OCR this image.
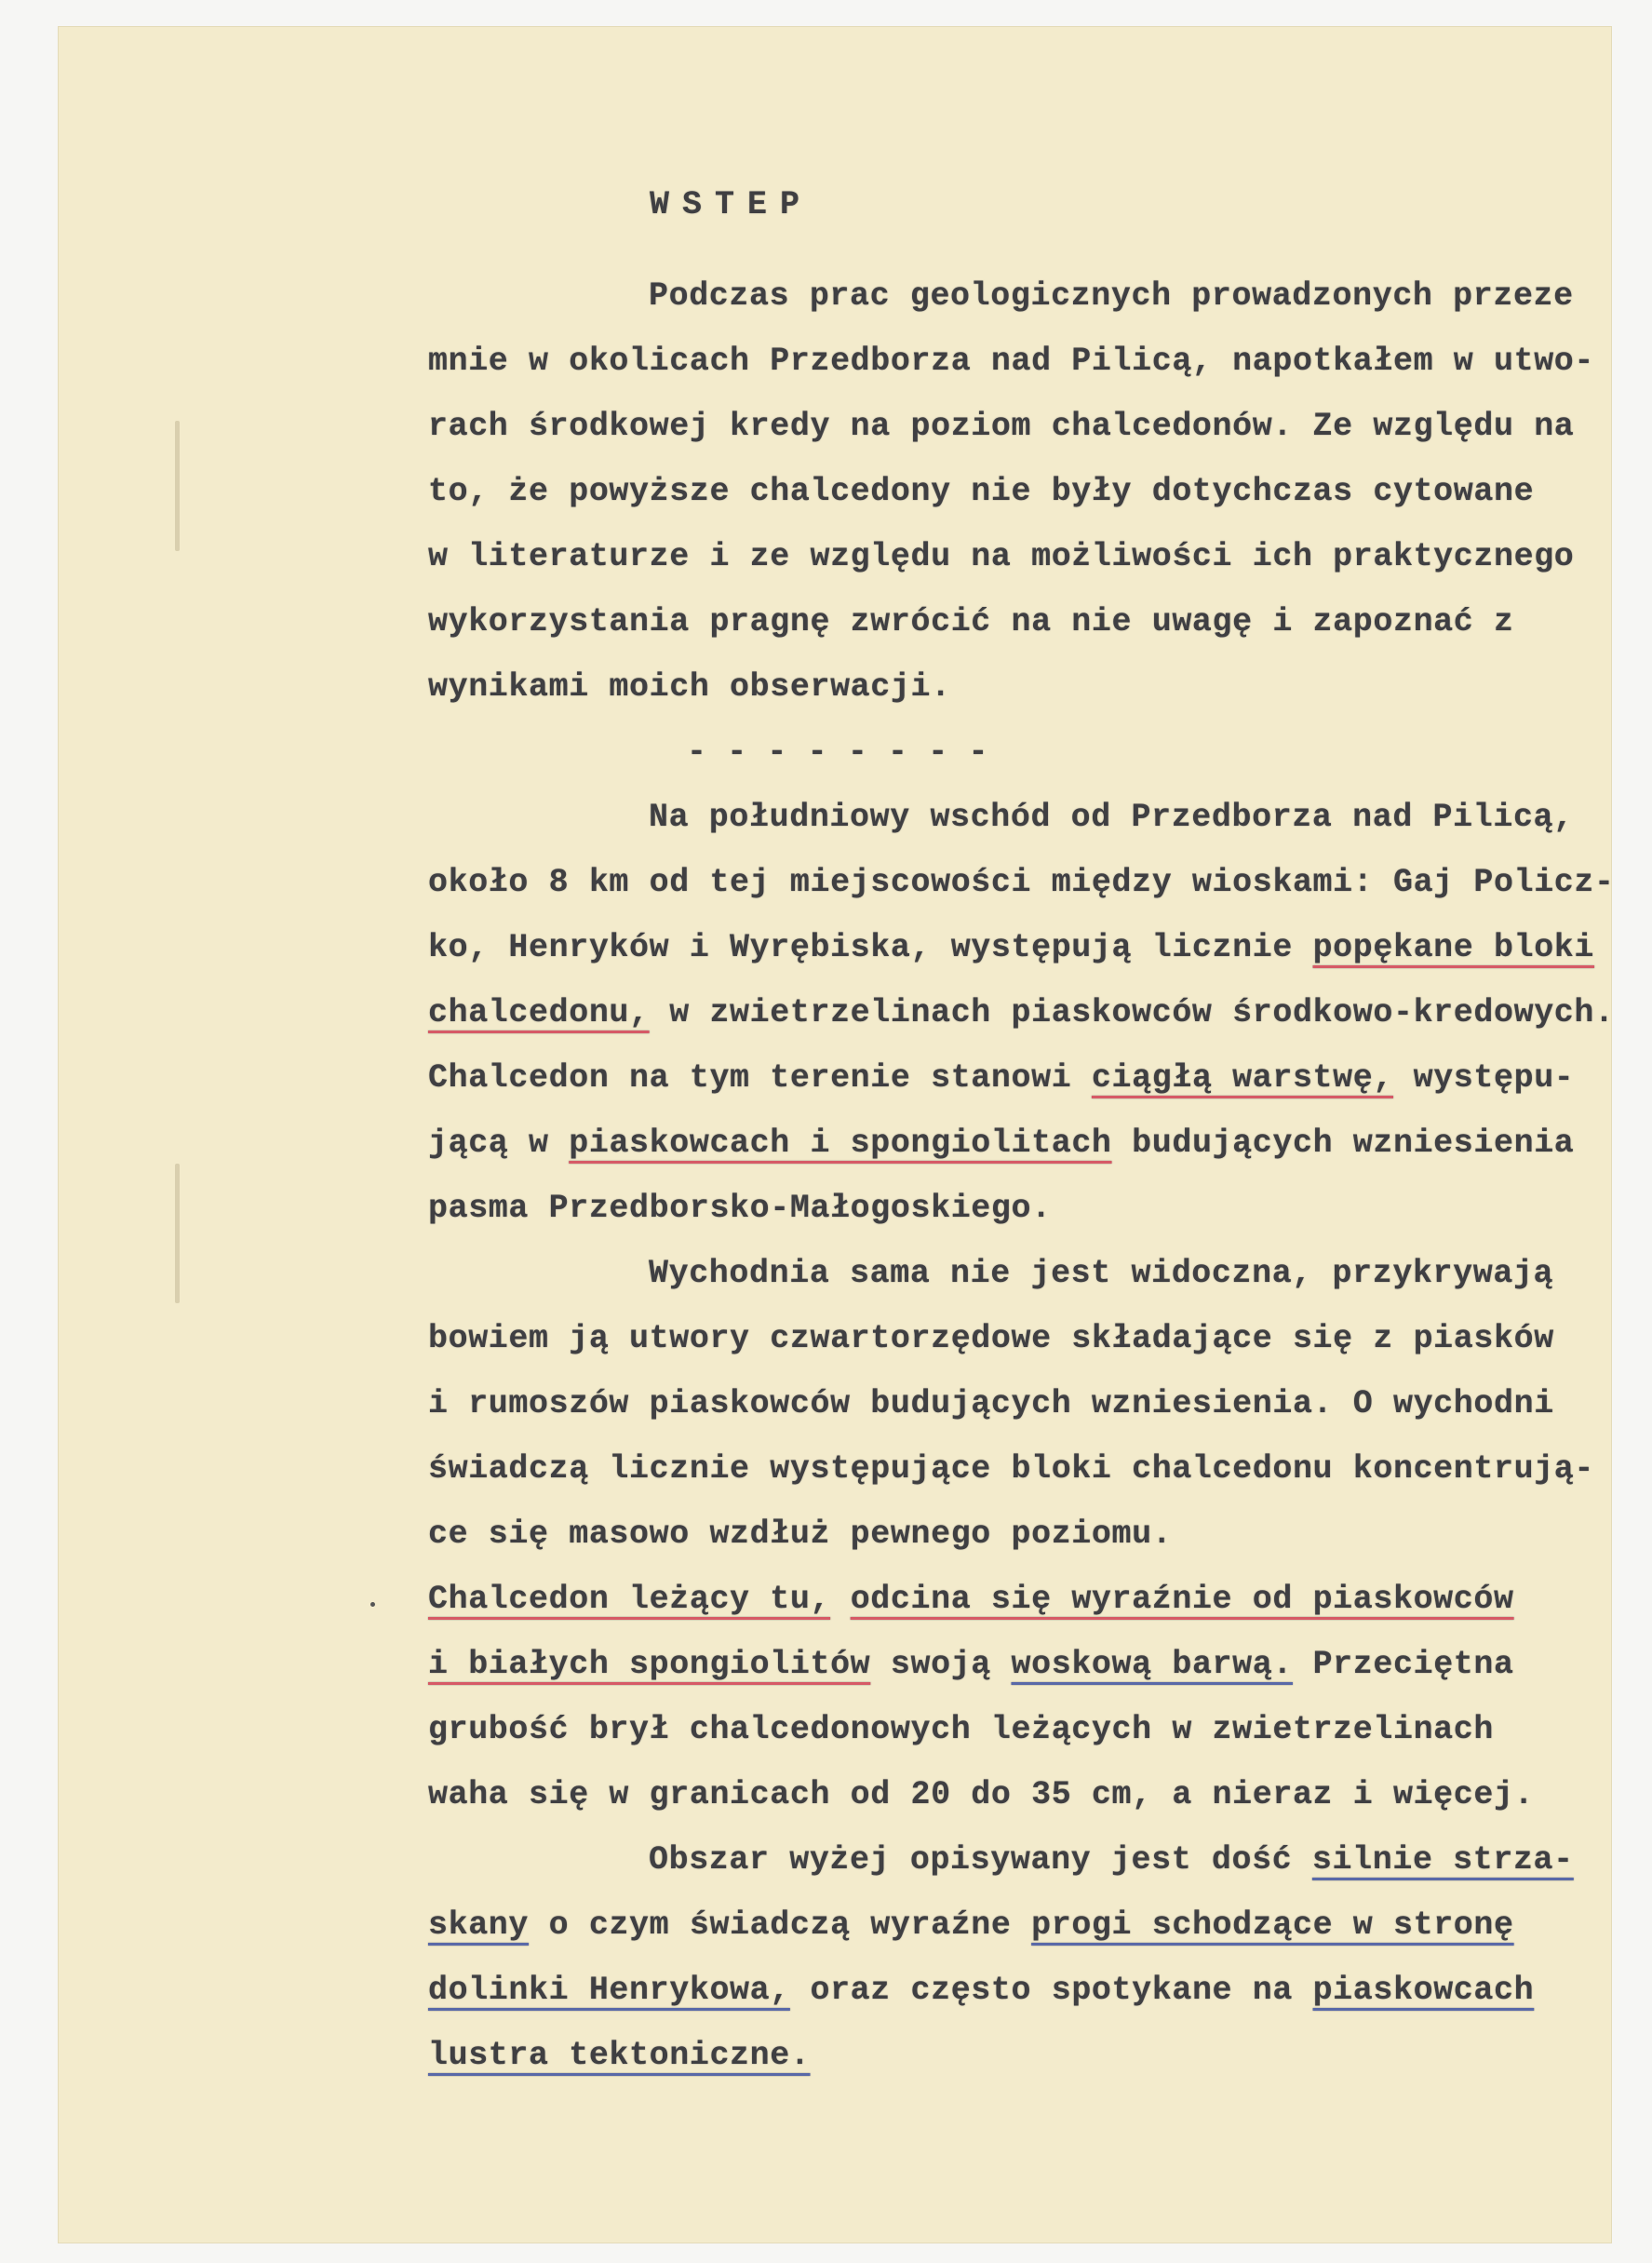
WSTEP

Podczas prac geologicznych prowadzonych przeze

mnie w okolicach Przedborza nad Pilicą, napotkałem w utwo-

rach środkowej kredy na poziom chalcedonów. Ze względu na

to, że powyższe chalcedony nie były dotychczas cytowane

w literaturze i ze względu na możliwości ich praktycznego

wykorzystania pragnę zwrócić na nie uwagę i zapoznać z

wynikami moich obserwacji.

- - - - - - - -

Na południowy wschód od Przedborza nad Pilicą,

około 8 km od tej miejscowości między wioskami: Gaj Policz-

ko, Henryków i Wyrębiska, występują licznie popękane bloki

chalcedonu, w zwietrzelinach piaskowców środkowo-kredowych.

Chalcedon na tym terenie stanowi ciągłą warstwę, występu-

jącą w piaskowcach i spongiolitach budujących wzniesienia

pasma Przedborsko-Małogoskiego.

Wychodnia sama nie jest widoczna, przykrywają

bowiem ją utwory czwartorzędowe składające się z piasków

i rumoszów piaskowców budujących wzniesienia. O wychodni

świadczą licznie występujące bloki chalcedonu koncentrują-

ce się masowo wzdłuż pewnego poziomu.

Chalcedon leżący tu, odcina się wyraźnie od piaskowców

i białych spongiolitów swoją woskową barwą. Przeciętna

grubość brył chalcedonowych leżących w zwietrzelinach

waha się w granicach od 20 do 35 cm, a nieraz i więcej.

Obszar wyżej opisywany jest dość silnie strza-

skany o czym świadczą wyraźne progi schodzące w stronę

dolinki Henrykowa, oraz często spotykane na piaskowcach

lustra tektoniczne.
